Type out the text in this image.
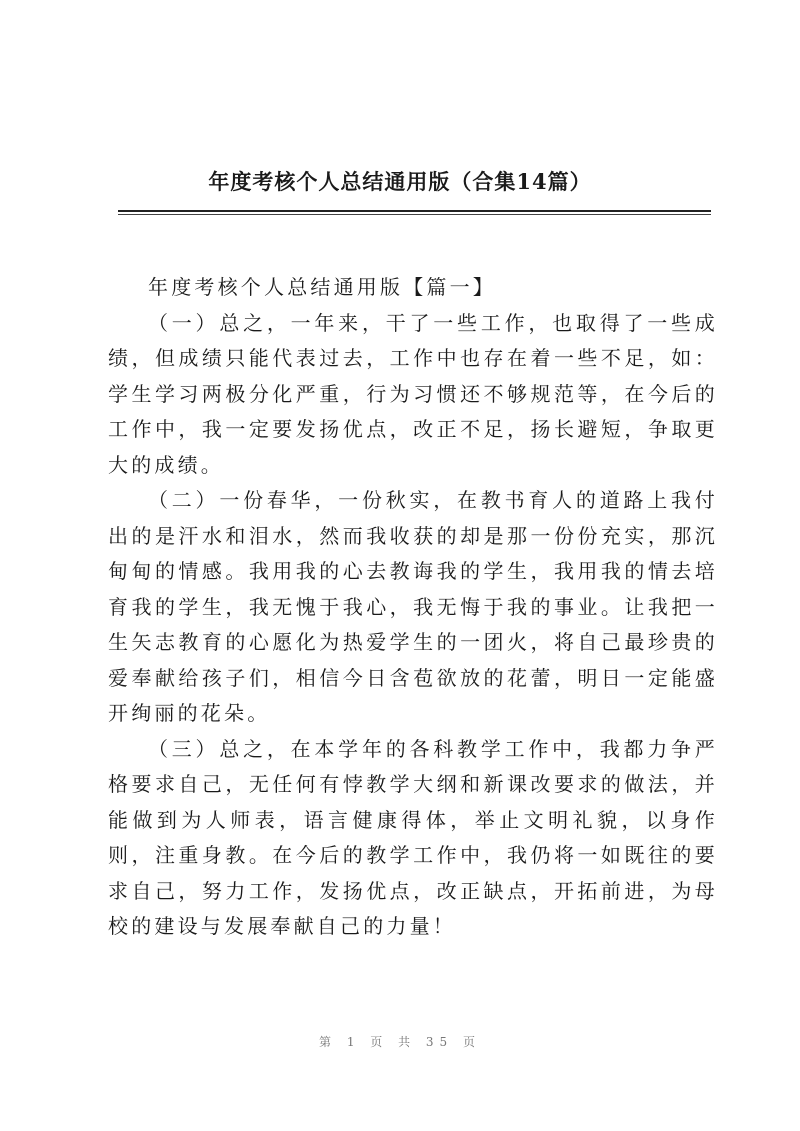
年度考核个人总结通用版（合集14篇）

年度考核个人总结通用版【篇一】

（一）总之，一年来，干了一些工作，也取得了一些成绩，但成绩只能代表过去，工作中也存在着一些不足，如：学生学习两极分化严重，行为习惯还不够规范等，在今后的工作中，我一定要发扬优点，改正不足，扬长避短，争取更大的成绩。

（二）一份春华，一份秋实，在教书育人的道路上我付出的是汗水和泪水，然而我收获的却是那一份份充实，那沉甸甸的情感。我用我的心去教诲我的学生，我用我的情去培育我的学生，我无愧于我心，我无悔于我的事业。让我把一生矢志教育的心愿化为热爱学生的一团火，将自己最珍贵的爱奉献给孩子们，相信今日含苞欲放的花蕾，明日一定能盛开绚丽的花朵。

（三）总之，在本学年的各科教学工作中，我都力争严格要求自己，无任何有悖教学大纲和新课改要求的做法，并能做到为人师表，语言健康得体，举止文明礼貌，以身作则，注重身教。在今后的教学工作中，我仍将一如既往的要求自己，努力工作，发扬优点，改正缺点，开拓前进，为母校的建设与发展奉献自己的力量！

第 1 页 共 35 页
